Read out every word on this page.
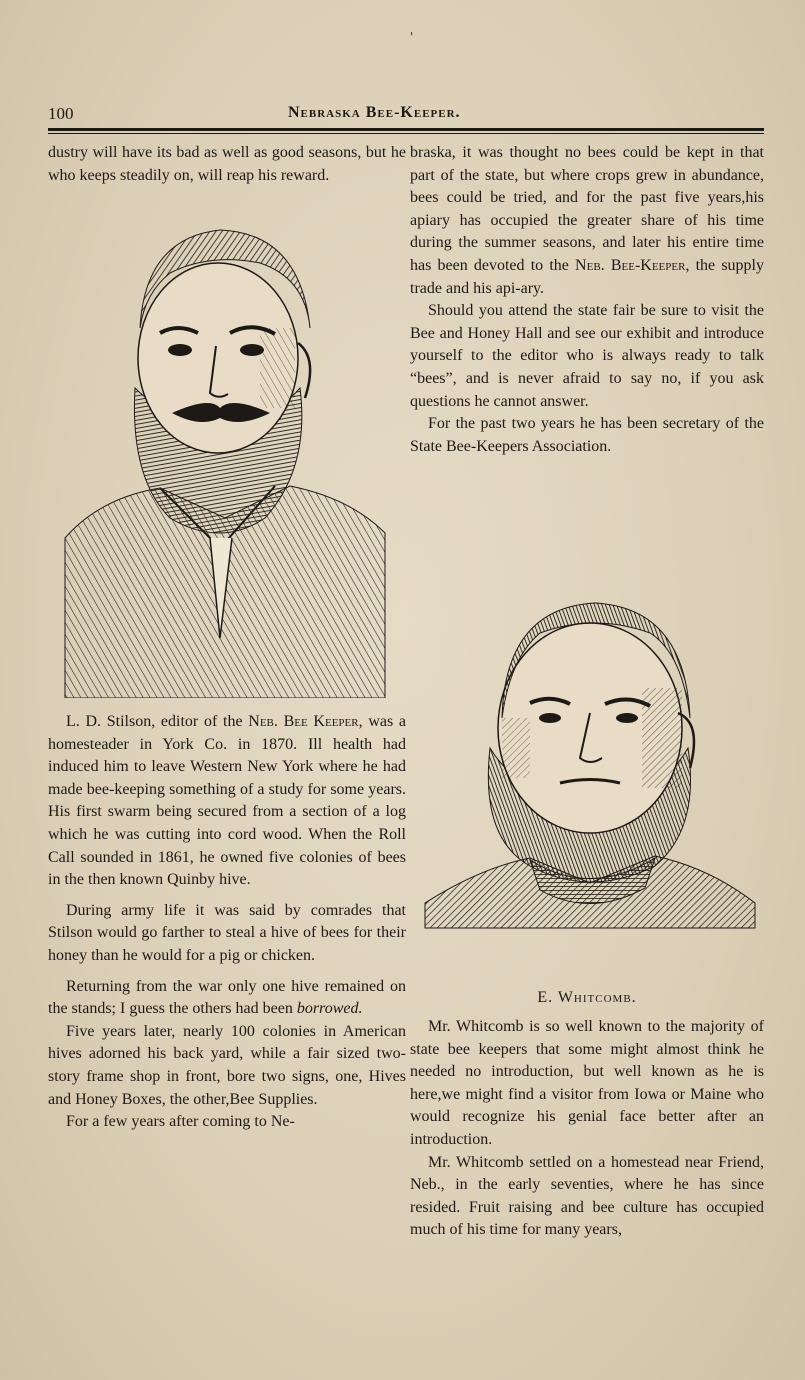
'
100	Nebraska Bee-Keeper.

dustry will have its bad as well as good seasons, but he who keeps steadily on, will reap his reward.

L. D. Stilson, editor of the Neb. Bee Keeper, was a homesteader in York Co. in 1870. Ill health had induced him to leave Western New York where he had made bee-keeping something of a study for some years. His first swarm being secured from a section of a log which he was cutting into cord wood. When the Roll Call sounded in 1861, he owned five colonies of bees in the then known Quinby hive.

During army life it was said by comrades that Stilson would go farther to steal a hive of bees for their honey than he would for a pig or chicken.

Returning from the war only one hive remained on the stands; I guess the others had been borrowed.

Five years later, nearly 100 colonies in American hives adorned his back yard, while a fair sized two-story frame shop in front, bore two signs, one, Hives and Honey Boxes, the other,Bee Supplies.

For a few years after coming to Ne-

braska, it was thought no bees could be kept in that part of the state, but where crops grew in abundance, bees could be tried, and for the past five years,his apiary has occupied the greater share of his time during the summer seasons, and later his entire time has been devoted to the Neb. Bee-Keeper, the supply trade and his api-ary.

Should you attend the state fair be sure to visit the Bee and Honey Hall and see our exhibit and introduce yourself to the editor who is always ready to talk “bees”, and is never afraid to say no, if you ask questions he cannot answer.

For the past two years he has been secretary of the State Bee-Keepers Association.

E. Whitcomb.

Mr. Whitcomb is so well known to the majority of state bee keepers that some might almost think he needed no introduction, but well known as he is here,we might find a visitor from Iowa or Maine who would recognize his genial face better after an introduction.

Mr. Whitcomb settled on a homestead near Friend, Neb., in the early seventies, where he has since resided. Fruit raising and bee culture has occupied much of his time for many years,
